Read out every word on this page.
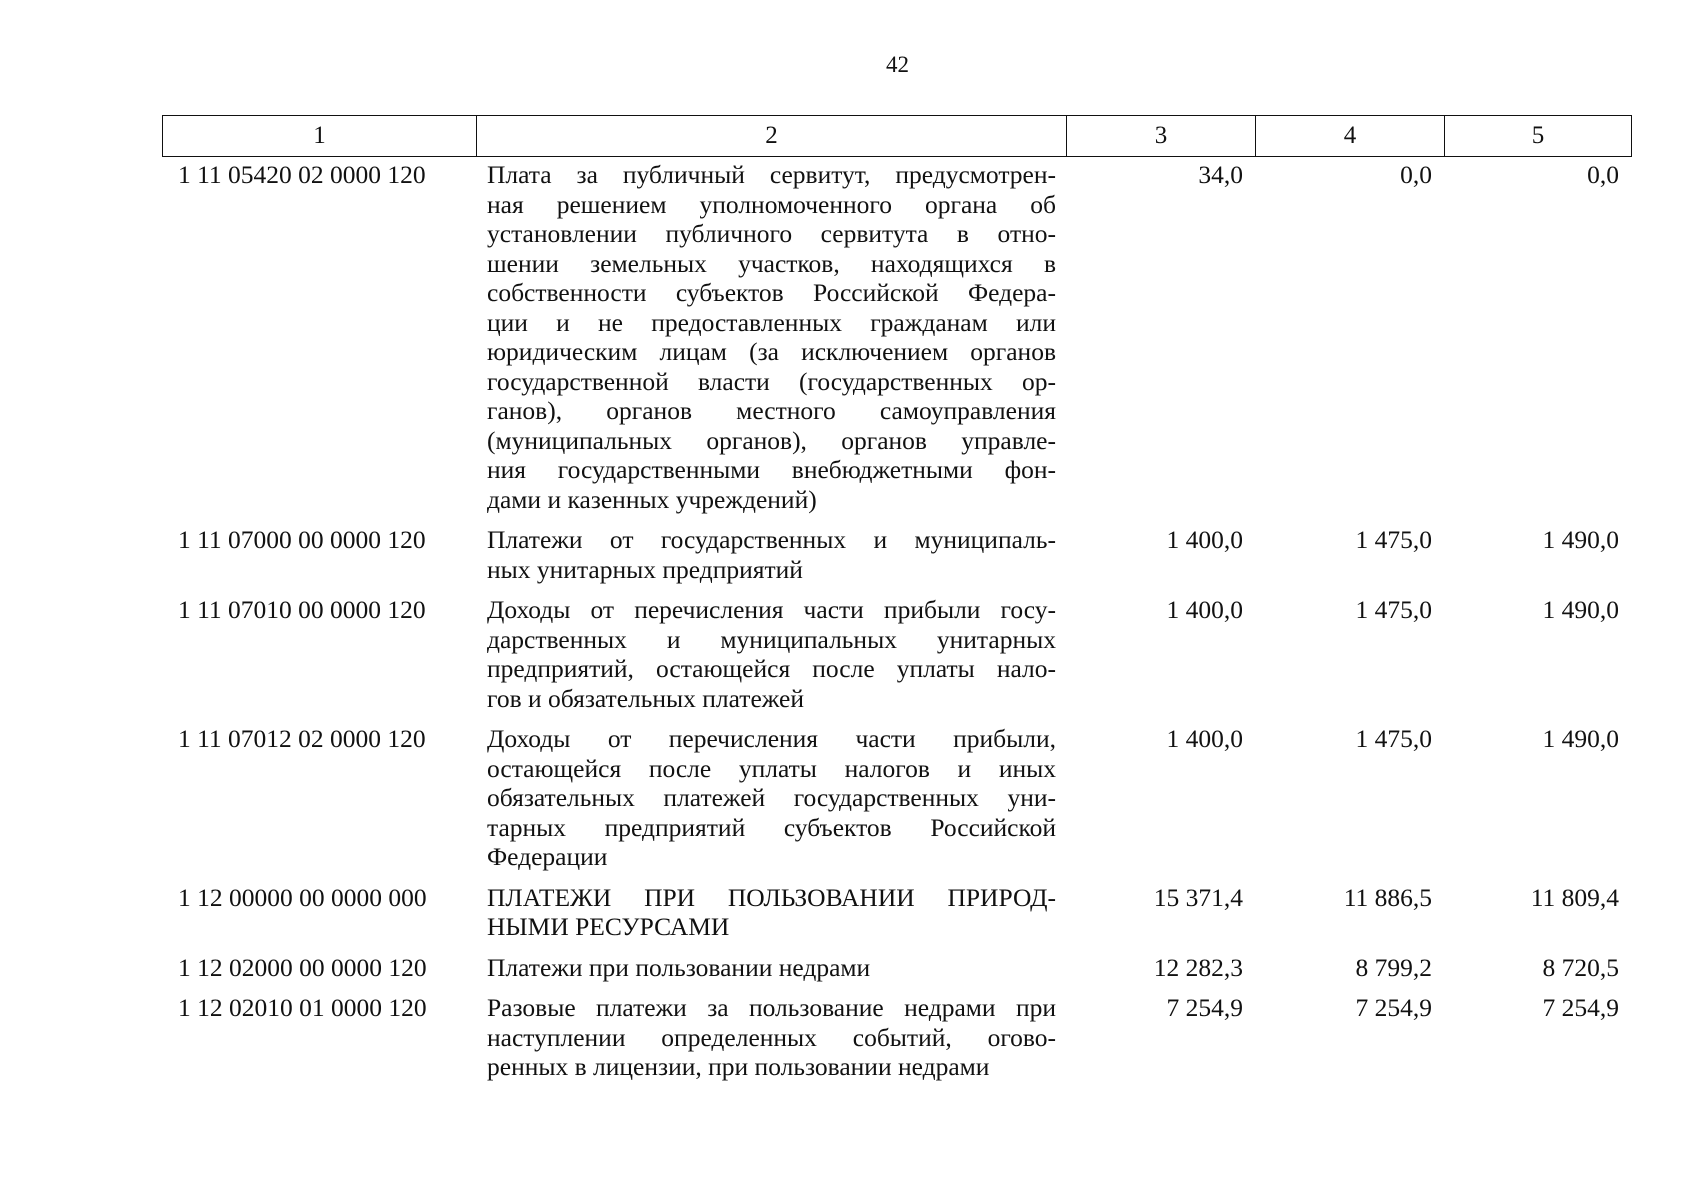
42
1	2	3	4	5
1 11 05420 02 0000 120	Плата за публичный сервитут, предусмотрен-
ная решением уполномоченного органа об
установлении публичного сервитута в отно-
шении земельных участков, находящихся в
собственности субъектов Российской Федера-
ции и не предоставленных гражданам или
юридическим лицам (за исключением органов
государственной власти (государственных ор-
ганов), органов местного самоуправления
(муниципальных органов), органов управле-
ния государственными внебюджетными фон-
дами и казенных учреждений)
34,0	0,0	0,0
1 11 07000 00 0000 120	Платежи от государственных и муниципаль-
ных унитарных предприятий
1 400,0	1 475,0	1 490,0
1 11 07010 00 0000 120	Доходы от перечисления части прибыли госу-
дарственных и муниципальных унитарных
предприятий, остающейся после уплаты нало-
гов и обязательных платежей
1 400,0	1 475,0	1 490,0
1 11 07012 02 0000 120	Доходы от перечисления части прибыли,
остающейся после уплаты налогов и иных
обязательных платежей государственных уни-
тарных предприятий субъектов Российской
Федерации
1 400,0	1 475,0	1 490,0
1 12 00000 00 0000 000	ПЛАТЕЖИ ПРИ ПОЛЬЗОВАНИИ ПРИРОД-
НЫМИ РЕСУРСАМИ
15 371,4	11 886,5	11 809,4
1 12 02000 00 0000 120	Платежи при пользовании недрами	12 282,3	8 799,2	8 720,5
1 12 02010 01 0000 120	Разовые платежи за пользование недрами при
наступлении определенных событий, огово-
ренных в лицензии, при пользовании недрами
7 254,9	7 254,9	7 254,9
